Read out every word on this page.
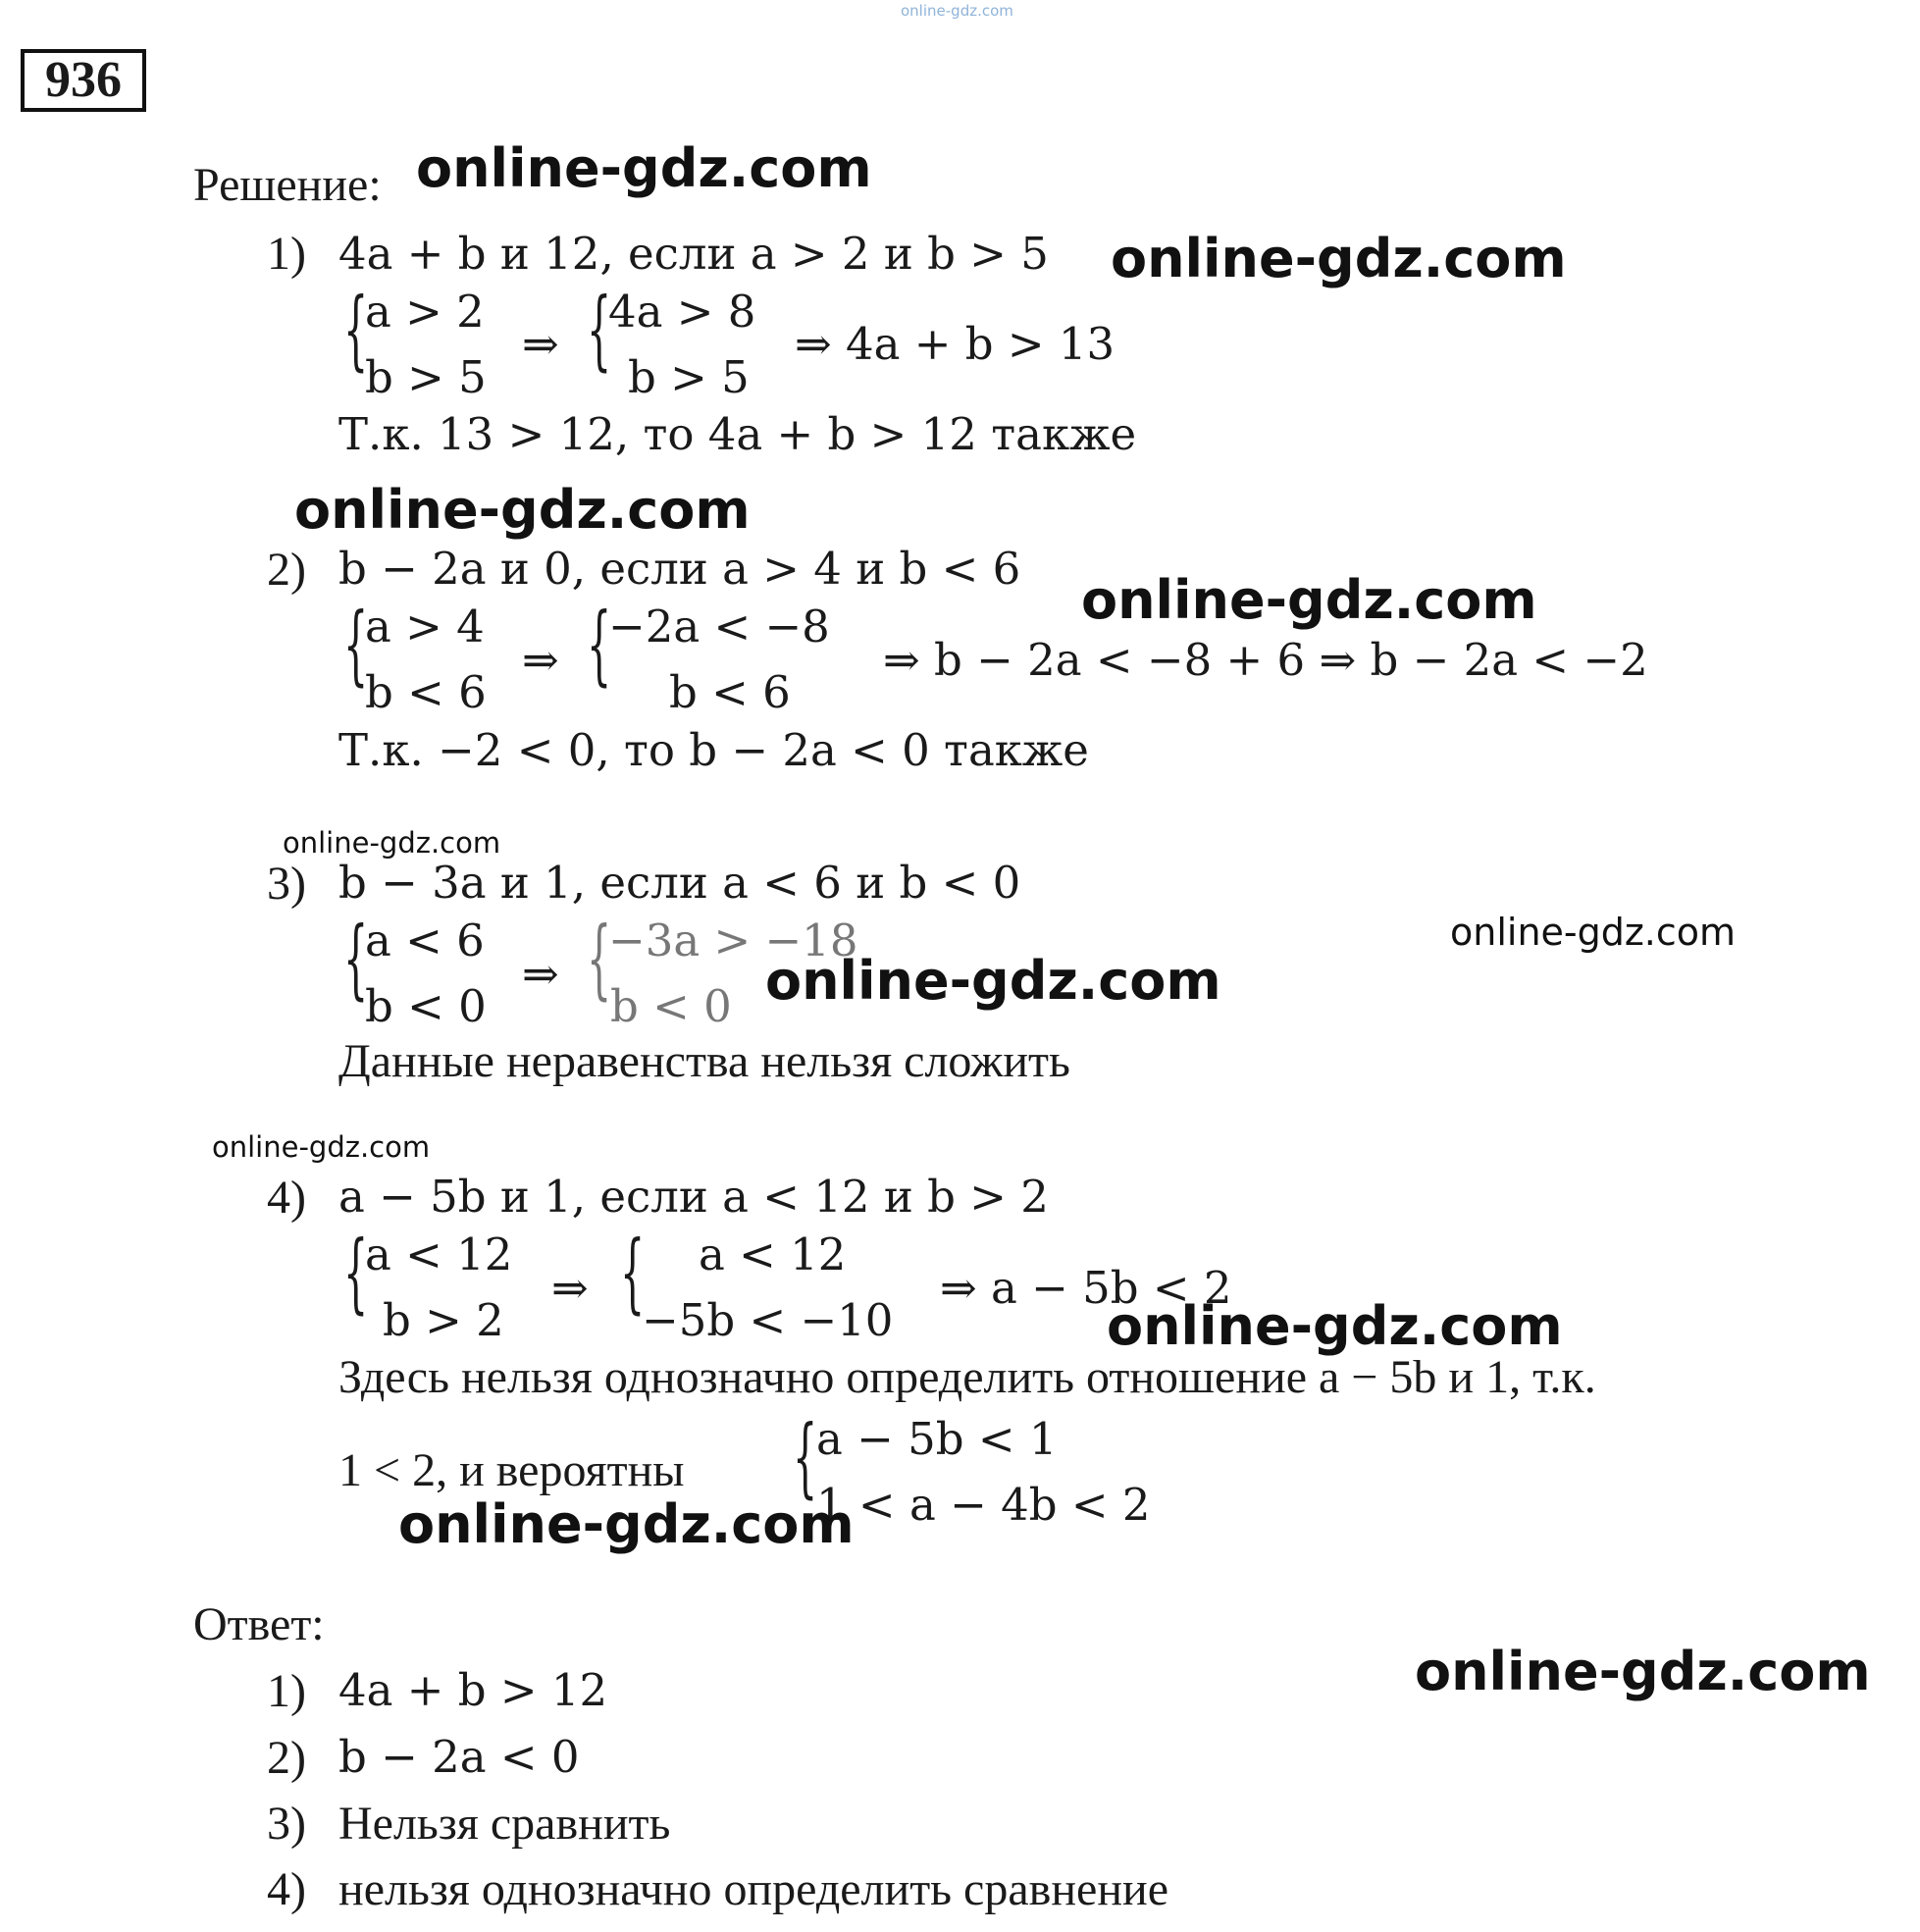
online-gdz.com
936
Решение: online-gdz.com
1) 4a + b и 12, если a > 2 и b > 5 online-gdz.com
{
a > 2
b > 5
⇒ {
4a > 8
b > 5
⇒ 4a + b > 13
Т.к. 13 > 12, то 4a + b > 12 также
online-gdz.com
2) b − 2a и 0, если a > 4 и b < 6
online-gdz.com
{
a > 4
b < 6
⇒ {
−2a < −8
b < 6
⇒ b − 2a < −8 + 6 ⇒ b − 2a < −2
Т.к. −2 < 0, то b − 2a < 0 также
online-gdz.com
3) b − 3a и 1, если a < 6 и b < 0
online-gdz.com
{
a < 6
b < 0
⇒ {
−3a > −18
b < 0 online-gdz.com
Данные неравенства нельзя сложить
online-gdz.com
4) a − 5b и 1, если a < 12 и b > 2
{
a < 12
b > 2
⇒ { a < 12
−5b < −10
⇒ a − 5b < 2
online-gdz.com
Здесь нельзя однозначно определить отношение a − 5b и 1, т.к.
1 < 2, и вероятны {
a − 5b < 1
1 < a − 4b < 2
online-gdz.com
Ответ:
online-gdz.com
1) 4a + b > 12
2) b − 2a < 0
3) Нельзя сравнить
4) нельзя однозначно определить сравнение
